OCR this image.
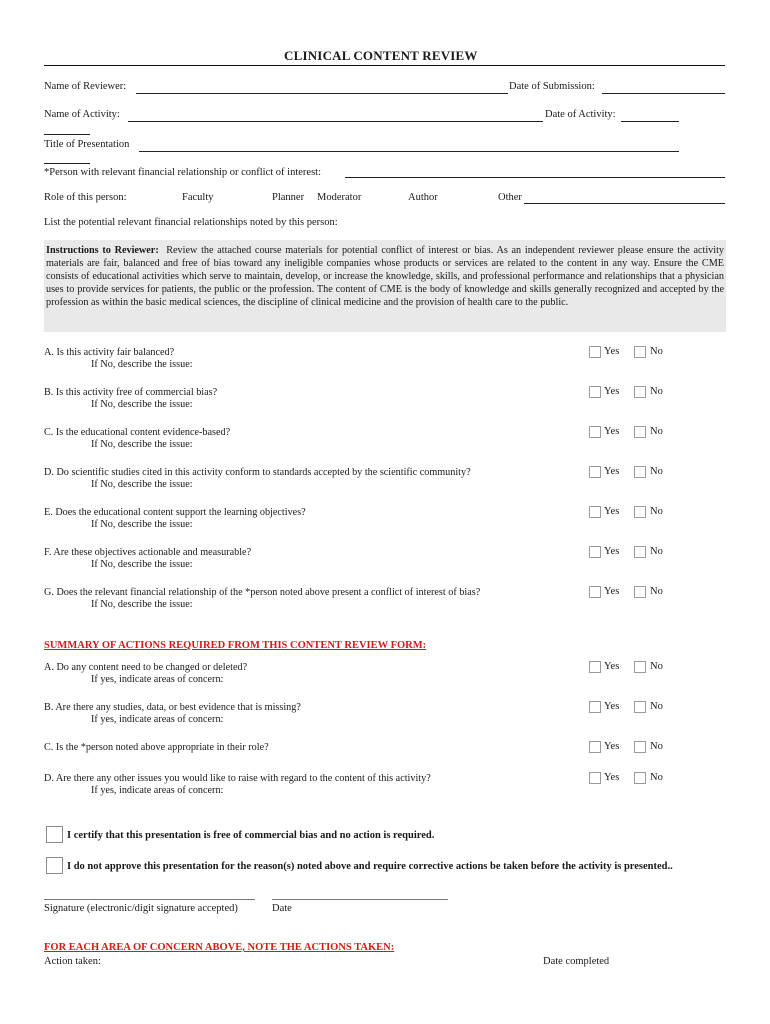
CLINICAL CONTENT REVIEW
Name of Reviewer:	Date of Submission:
Name of Activity:	Date of Activity:
Title of Presentation
*Person with relevant financial relationship or conflict of interest:
Role of this person:	Faculty	Planner Moderator	Author	Other
List the potential relevant financial relationships noted by this person:
Instructions to Reviewer: Review the attached course materials for potential conflict of interest or bias. As an independent reviewer please ensure the activity materials are fair, balanced and free of bias toward any ineligible companies whose products or services are related to the content in any way. Ensure the CME consists of educational activities which serve to maintain, develop, or increase the knowledge, skills, and professional performance and relationships that a physician uses to provide services for patients, the public or the profession. The content of CME is the body of knowledge and skills generally recognized and accepted by the profession as within the basic medical sciences, the discipline of clinical medicine and the provision of health care to the public.
A. Is this activity fair balanced?
If No, describe the issue:
Yes	No
B. Is this activity free of commercial bias?
If No, describe the issue:
Yes	No
C. Is the educational content evidence-based?
If No, describe the issue:
Yes	No
D. Do scientific studies cited in this activity conform to standards accepted by the scientific community?
If No, describe the issue:
Yes	No
E. Does the educational content support the learning objectives?
If No, describe the issue:
Yes	No
F. Are these objectives actionable and measurable?
If No, describe the issue:
Yes	No
G. Does the relevant financial relationship of the *person noted above present a conflict of interest of bias?
If No, describe the issue:
Yes	No
SUMMARY OF ACTIONS REQUIRED FROM THIS CONTENT REVIEW FORM:
A. Do any content need to be changed or deleted?
If yes, indicate areas of concern:
Yes	No
B. Are there any studies, data, or best evidence that is missing?
If yes, indicate areas of concern:
Yes	No
C. Is the *person noted above appropriate in their role?	Yes	No
D. Are there any other issues you would like to raise with regard to the content of this activity?
If yes, indicate areas of concern:
Yes	No
I certify that this presentation is free of commercial bias and no action is required.
I do not approve this presentation for the reason(s) noted above and require corrective actions be taken before the activity is presented..
Signature (electronic/digit signature accepted)	Date
FOR EACH AREA OF CONCERN ABOVE, NOTE THE ACTIONS TAKEN:
Action taken:	Date completed
